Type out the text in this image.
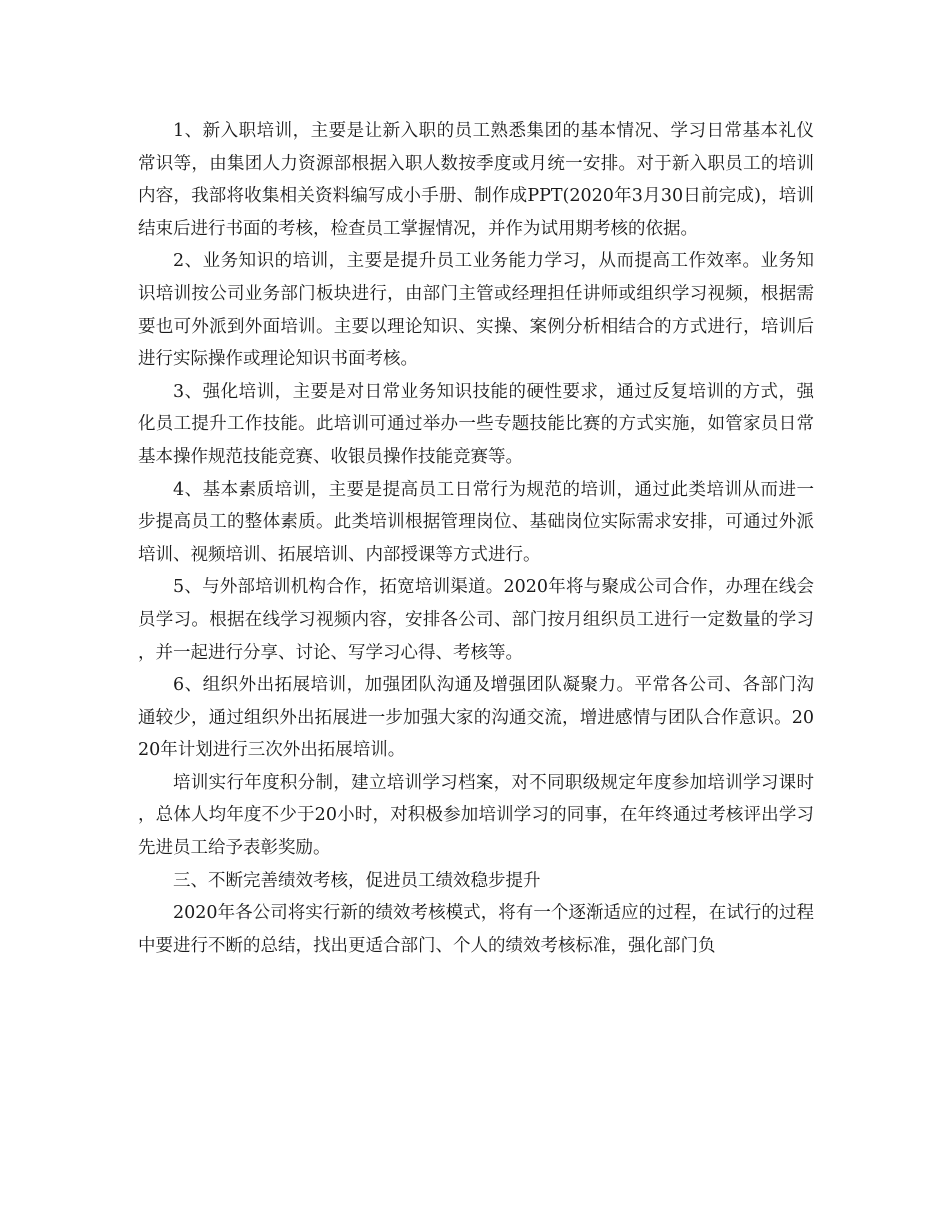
1、新入职培训，主要是让新入职的员工熟悉集团的基本情况、学习日常基本礼仪常识等，由集团人力资源部根据入职人数按季度或月统一安排。对于新入职员工的培训内容，我部将收集相关资料编写成小手册、制作成PPT(2020年3月30日前完成)，培训结束后进行书面的考核，检查员工掌握情况，并作为试用期考核的依据。

2、业务知识的培训，主要是提升员工业务能力学习，从而提高工作效率。业务知识培训按公司业务部门板块进行，由部门主管或经理担任讲师或组织学习视频，根据需要也可外派到外面培训。主要以理论知识、实操、案例分析相结合的方式进行，培训后进行实际操作或理论知识书面考核。

3、强化培训，主要是对日常业务知识技能的硬性要求，通过反复培训的方式，强化员工提升工作技能。此培训可通过举办一些专题技能比赛的方式实施，如管家员日常基本操作规范技能竞赛、收银员操作技能竞赛等。

4、基本素质培训，主要是提高员工日常行为规范的培训，通过此类培训从而进一步提高员工的整体素质。此类培训根据管理岗位、基础岗位实际需求安排，可通过外派培训、视频培训、拓展培训、内部授课等方式进行。

5、与外部培训机构合作，拓宽培训渠道。2020年将与聚成公司合作，办理在线会员学习。根据在线学习视频内容，安排各公司、部门按月组织员工进行一定数量的学习，并一起进行分享、讨论、写学习心得、考核等。

6、组织外出拓展培训，加强团队沟通及增强团队凝聚力。平常各公司、各部门沟通较少，通过组织外出拓展进一步加强大家的沟通交流，增进感情与团队合作意识。2020年计划进行三次外出拓展培训。

培训实行年度积分制，建立培训学习档案，对不同职级规定年度参加培训学习课时，总体人均年度不少于20小时，对积极参加培训学习的同事，在年终通过考核评出学习先进员工给予表彰奖励。

三、不断完善绩效考核，促进员工绩效稳步提升

2020年各公司将实行新的绩效考核模式，将有一个逐渐适应的过程，在试行的过程中要进行不断的总结，找出更适合部门、个人的绩效考核标准，强化部门负
